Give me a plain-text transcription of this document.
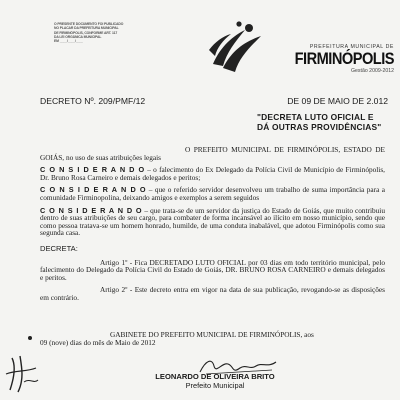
O PRESENTE DOCUMENTO FOI PUBLICADO
NO PLACAR DA PREFEITURA MUNICIPAL
DE FIRMINÓPOLIS, CONFORME ART. 117
DA LEI ORGÂNICA MUNICIPAL
EM ____/____/____
PREFEITURA MUNICIPAL DE
FIRMINÓPOLIS
Gestão 2009-2012
DECRETO Nº. 209/PMF/12	DE 09 DE MAIO DE 2.012
"DECRETA LUTO OFICIAL E
DÁ OUTRAS PROVIDÊNCIAS"

O PREFEITO MUNICIPAL DE FIRMINÓPOLIS, ESTADO DE GOIÁS, no uso de suas atribuições legais

C O N S I D E R A N D O – o falecimento do Ex Delegado da Polícia Civil de Município de Firminópolis, Dr. Bruno Rosa Carneiro e demais delegados e peritos;

C O N S I D E R A N D O – que o referido servidor desenvolveu um trabalho de suma importância para a comunidade Firminopolina, deixando amigos e exemplos a serem seguidos

C O N S I D E R A N D O – que trata-se de um servidor da justiça do Estado de Goiás, que muito contribuiu dentro de suas atribuições de seu cargo, para combater de forma incansável ao ilícito em nosso município, sendo que como pessoa tratava-se um homem honrado, humilde, de uma conduta inabalável, que adotou Firminópolis como sua segunda casa.

DECRETA:

Artigo 1º - Fica DECRETADO LUTO OFICIAL por 03 dias em todo território municipal, pelo falecimento do Delegado da Polícia Civil do Estado de Goiás, DR. BRUNO ROSA CARNEIRO e demais delegados e peritos.

Artigo 2º - Este decreto entra em vigor na data de sua publicação, revogando-se as disposições em contrário.

GABINETE DO PREFEITO MUNICIPAL DE FIRMINÓPOLIS, aos
09 (nove) dias do mês de Maio de 2012
LEONARDO DE OLIVEIRA BRITO
Prefeito Municipal
